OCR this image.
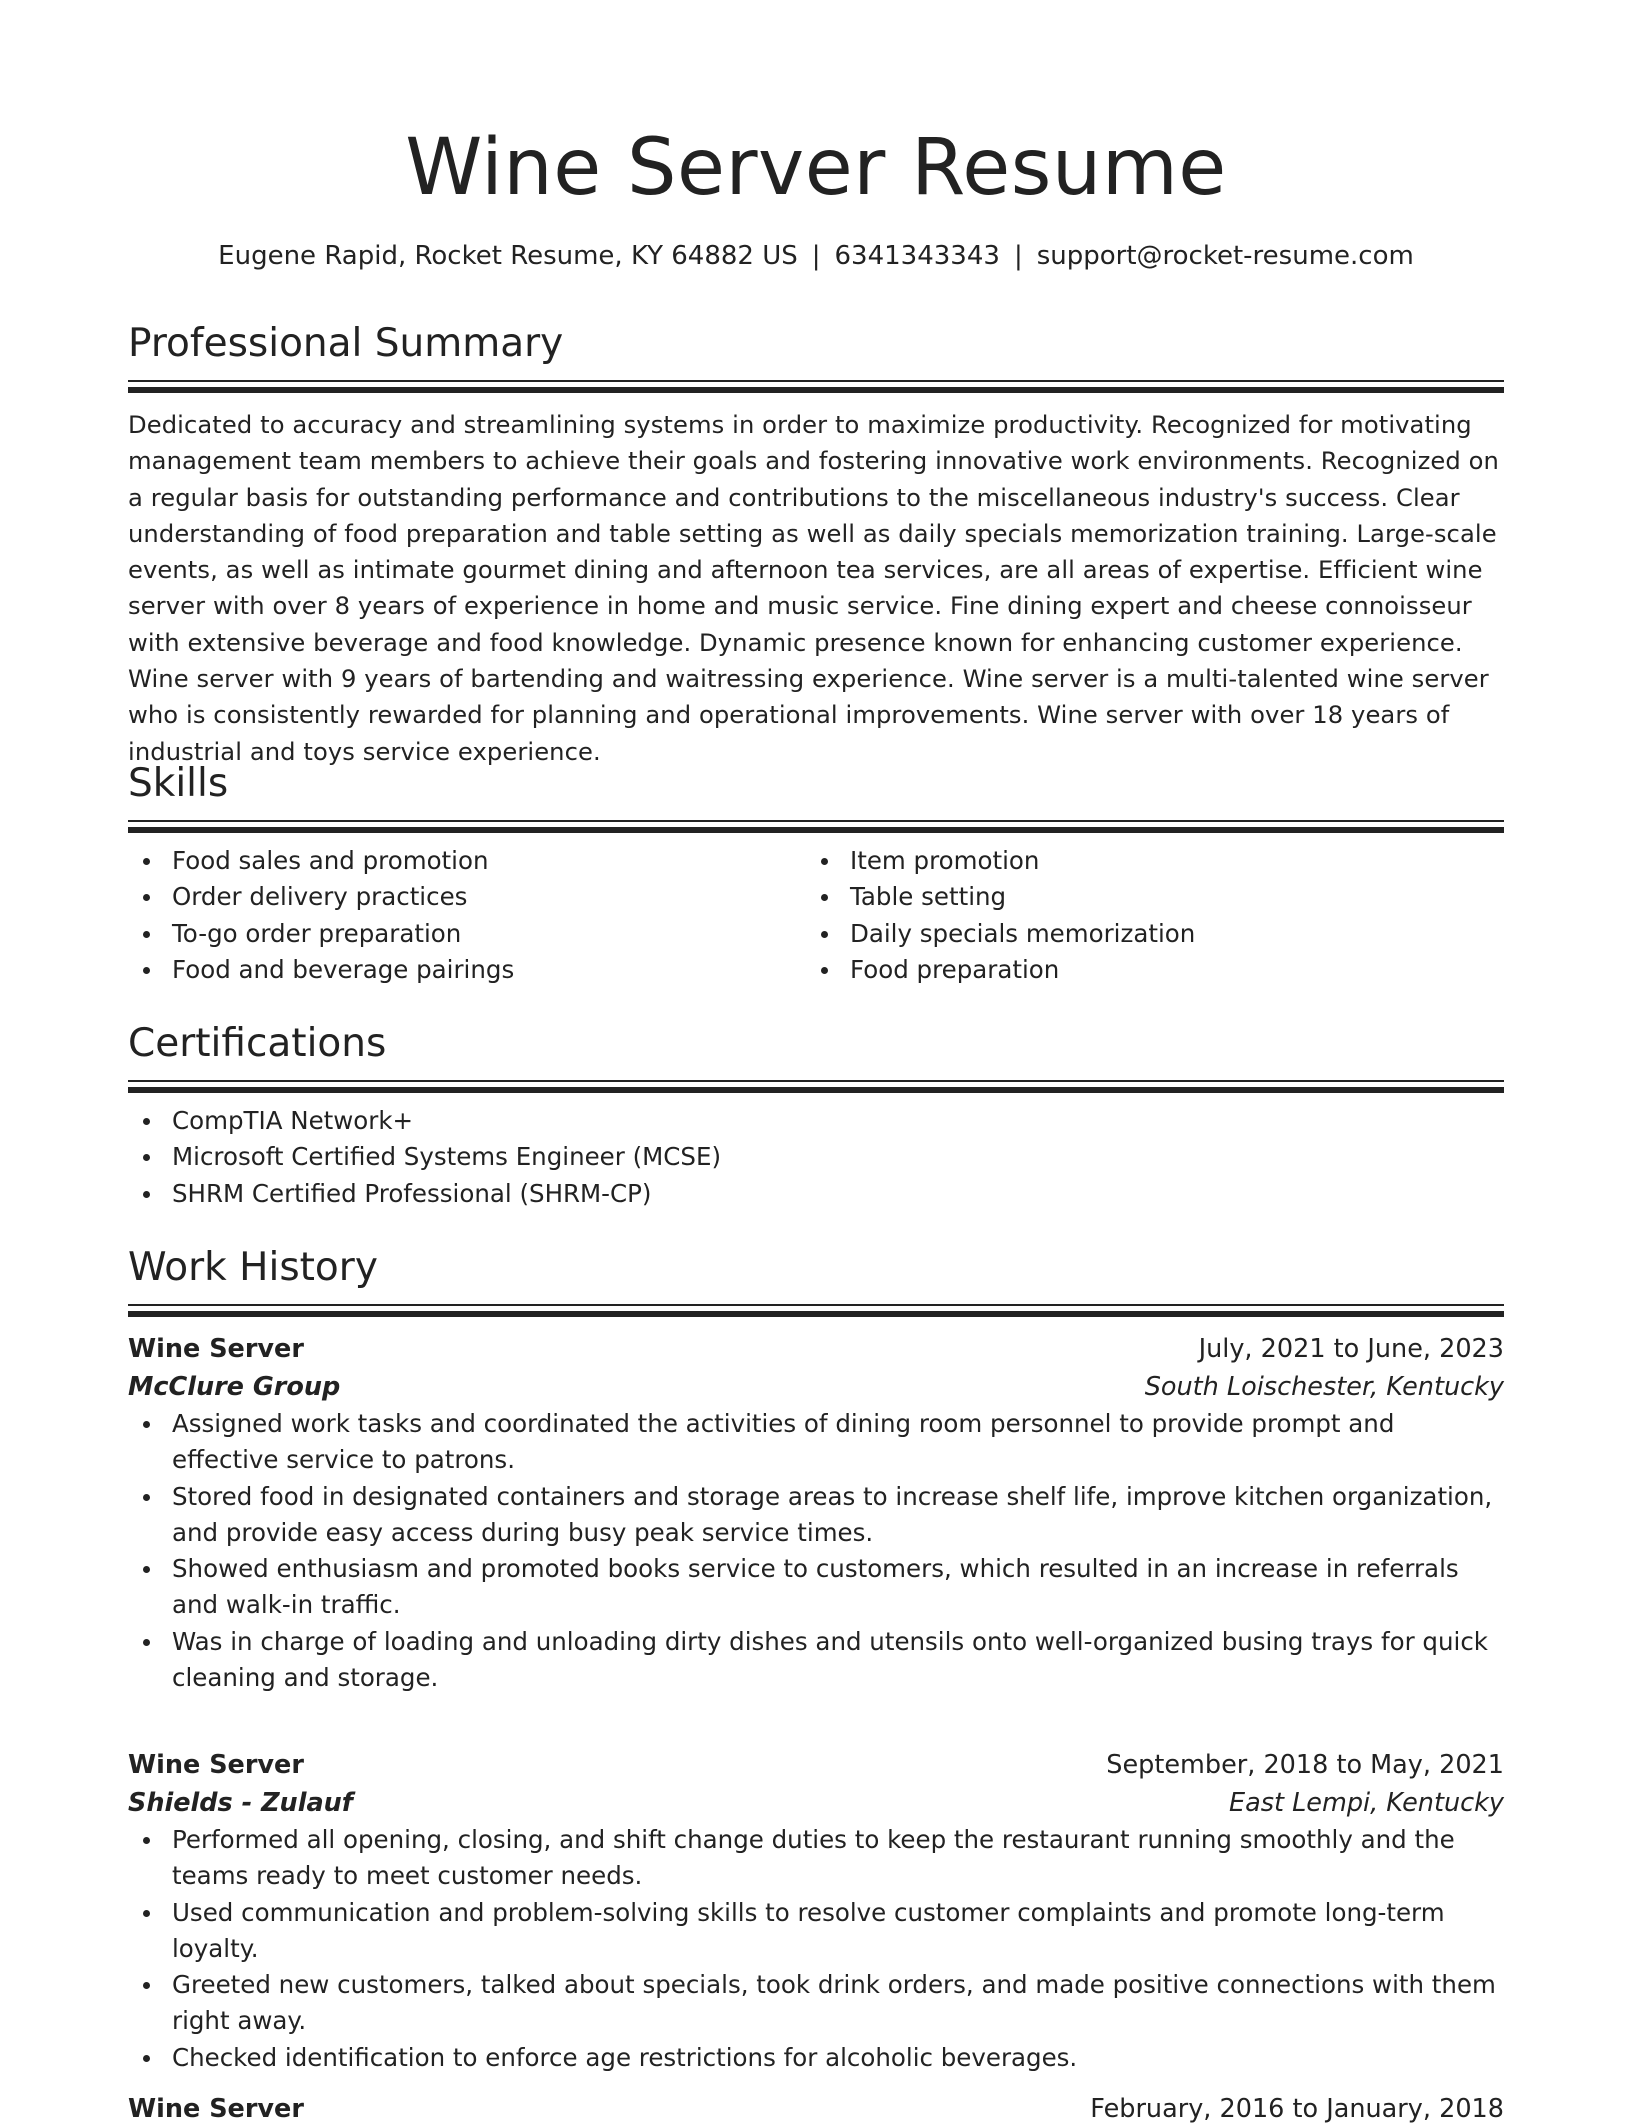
Wine Server Resume
Eugene Rapid, Rocket Resume, KY 64882 US | 6341343343 | support@rocket-resume.com
Professional Summary
Dedicated to accuracy and streamlining systems in order to maximize productivity. Recognized for motivating management team members to achieve their goals and fostering innovative work environments. Recognized on a regular basis for outstanding performance and contributions to the miscellaneous industry's success. Clear understanding of food preparation and table setting as well as daily specials memorization training. Large-scale events, as well as intimate gourmet dining and afternoon tea services, are all areas of expertise. Efficient wine server with over 8 years of experience in home and music service. Fine dining expert and cheese connoisseur with extensive beverage and food knowledge. Dynamic presence known for enhancing customer experience. Wine server with 9 years of bartending and waitressing experience. Wine server is a multi-talented wine server who is consistently rewarded for planning and operational improvements. Wine server with over 18 years of industrial and toys service experience.
Skills
Food sales and promotion
Order delivery practices
To-go order preparation
Food and beverage pairings
Item promotion
Table setting
Daily specials memorization
Food preparation
Certifications
CompTIA Network+
Microsoft Certified Systems Engineer (MCSE)
SHRM Certified Professional (SHRM-CP)
Work History
Wine Server	July, 2021 to June, 2023
McClure Group	South Loischester, Kentucky
Assigned work tasks and coordinated the activities of dining room personnel to provide prompt and effective service to patrons.
Stored food in designated containers and storage areas to increase shelf life, improve kitchen organization, and provide easy access during busy peak service times.
Showed enthusiasm and promoted books service to customers, which resulted in an increase in referrals and walk-in traffic.
Was in charge of loading and unloading dirty dishes and utensils onto well-organized busing trays for quick cleaning and storage.
Wine Server	September, 2018 to May, 2021
Shields - Zulauf	East Lempi, Kentucky
Performed all opening, closing, and shift change duties to keep the restaurant running smoothly and the teams ready to meet customer needs.
Used communication and problem-solving skills to resolve customer complaints and promote long-term loyalty.
Greeted new customers, talked about specials, took drink orders, and made positive connections with them right away.
Checked identification to enforce age restrictions for alcoholic beverages.
Wine Server	February, 2016 to January, 2018
